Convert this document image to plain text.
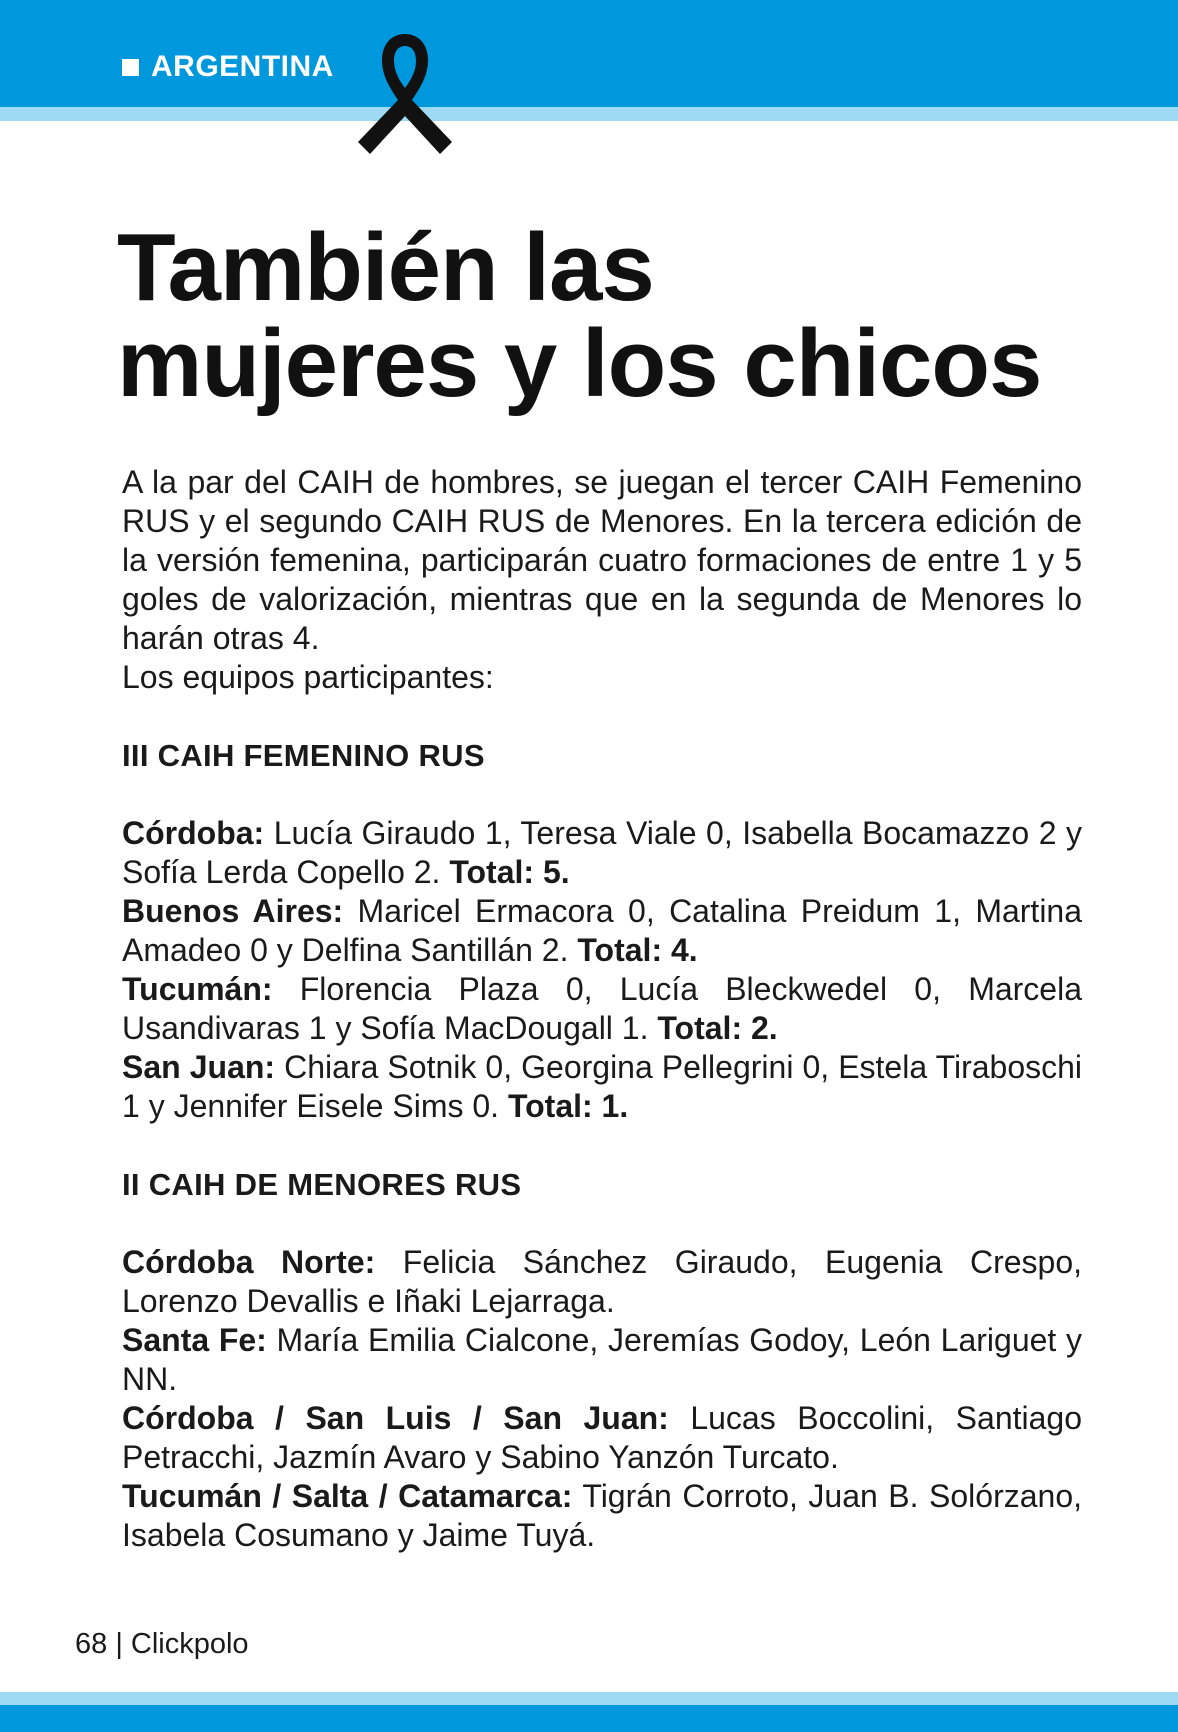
ARGENTINA
También las
mujeres y los chicos

A la par del CAIH de hombres, se juegan el tercer CAIH Femenino RUS y el segundo CAIH RUS de Menores. En la tercera edición de la versión femenina, participarán cuatro formaciones de entre 1 y 5 goles de valorización, mientras que en la segunda de Menores lo harán otras 4.

Los equipos participantes:

III CAIH FEMENINO RUS

Córdoba: Lucía Giraudo 1, Teresa Viale 0, Isabella Bocamazzo 2 y Sofía Lerda Copello 2. Total: 5.

Buenos Aires: Maricel Ermacora 0, Catalina Preidum 1, Martina Amadeo 0 y Delfina Santillán 2. Total: 4.

Tucumán: Florencia Plaza 0, Lucía Bleckwedel 0, Marcela Usandivaras 1 y Sofía MacDougall 1. Total: 2.

San Juan: Chiara Sotnik 0, Georgina Pellegrini 0, Estela Tiraboschi 1 y Jennifer Eisele Sims 0. Total: 1.

II CAIH DE MENORES RUS

Córdoba Norte: Felicia Sánchez Giraudo, Eugenia Crespo, Lorenzo Devallis e Iñaki Lejarraga.

Santa Fe: María Emilia Cialcone, Jeremías Godoy, León Lariguet y NN.

Córdoba / San Luis / San Juan: Lucas Boccolini, Santiago Petracchi, Jazmín Avaro y Sabino Yanzón Turcato.

Tucumán / Salta / Catamarca: Tigrán Corroto, Juan B. Solórzano, Isabela Cosumano y Jaime Tuyá.

68 | Clickpolo
